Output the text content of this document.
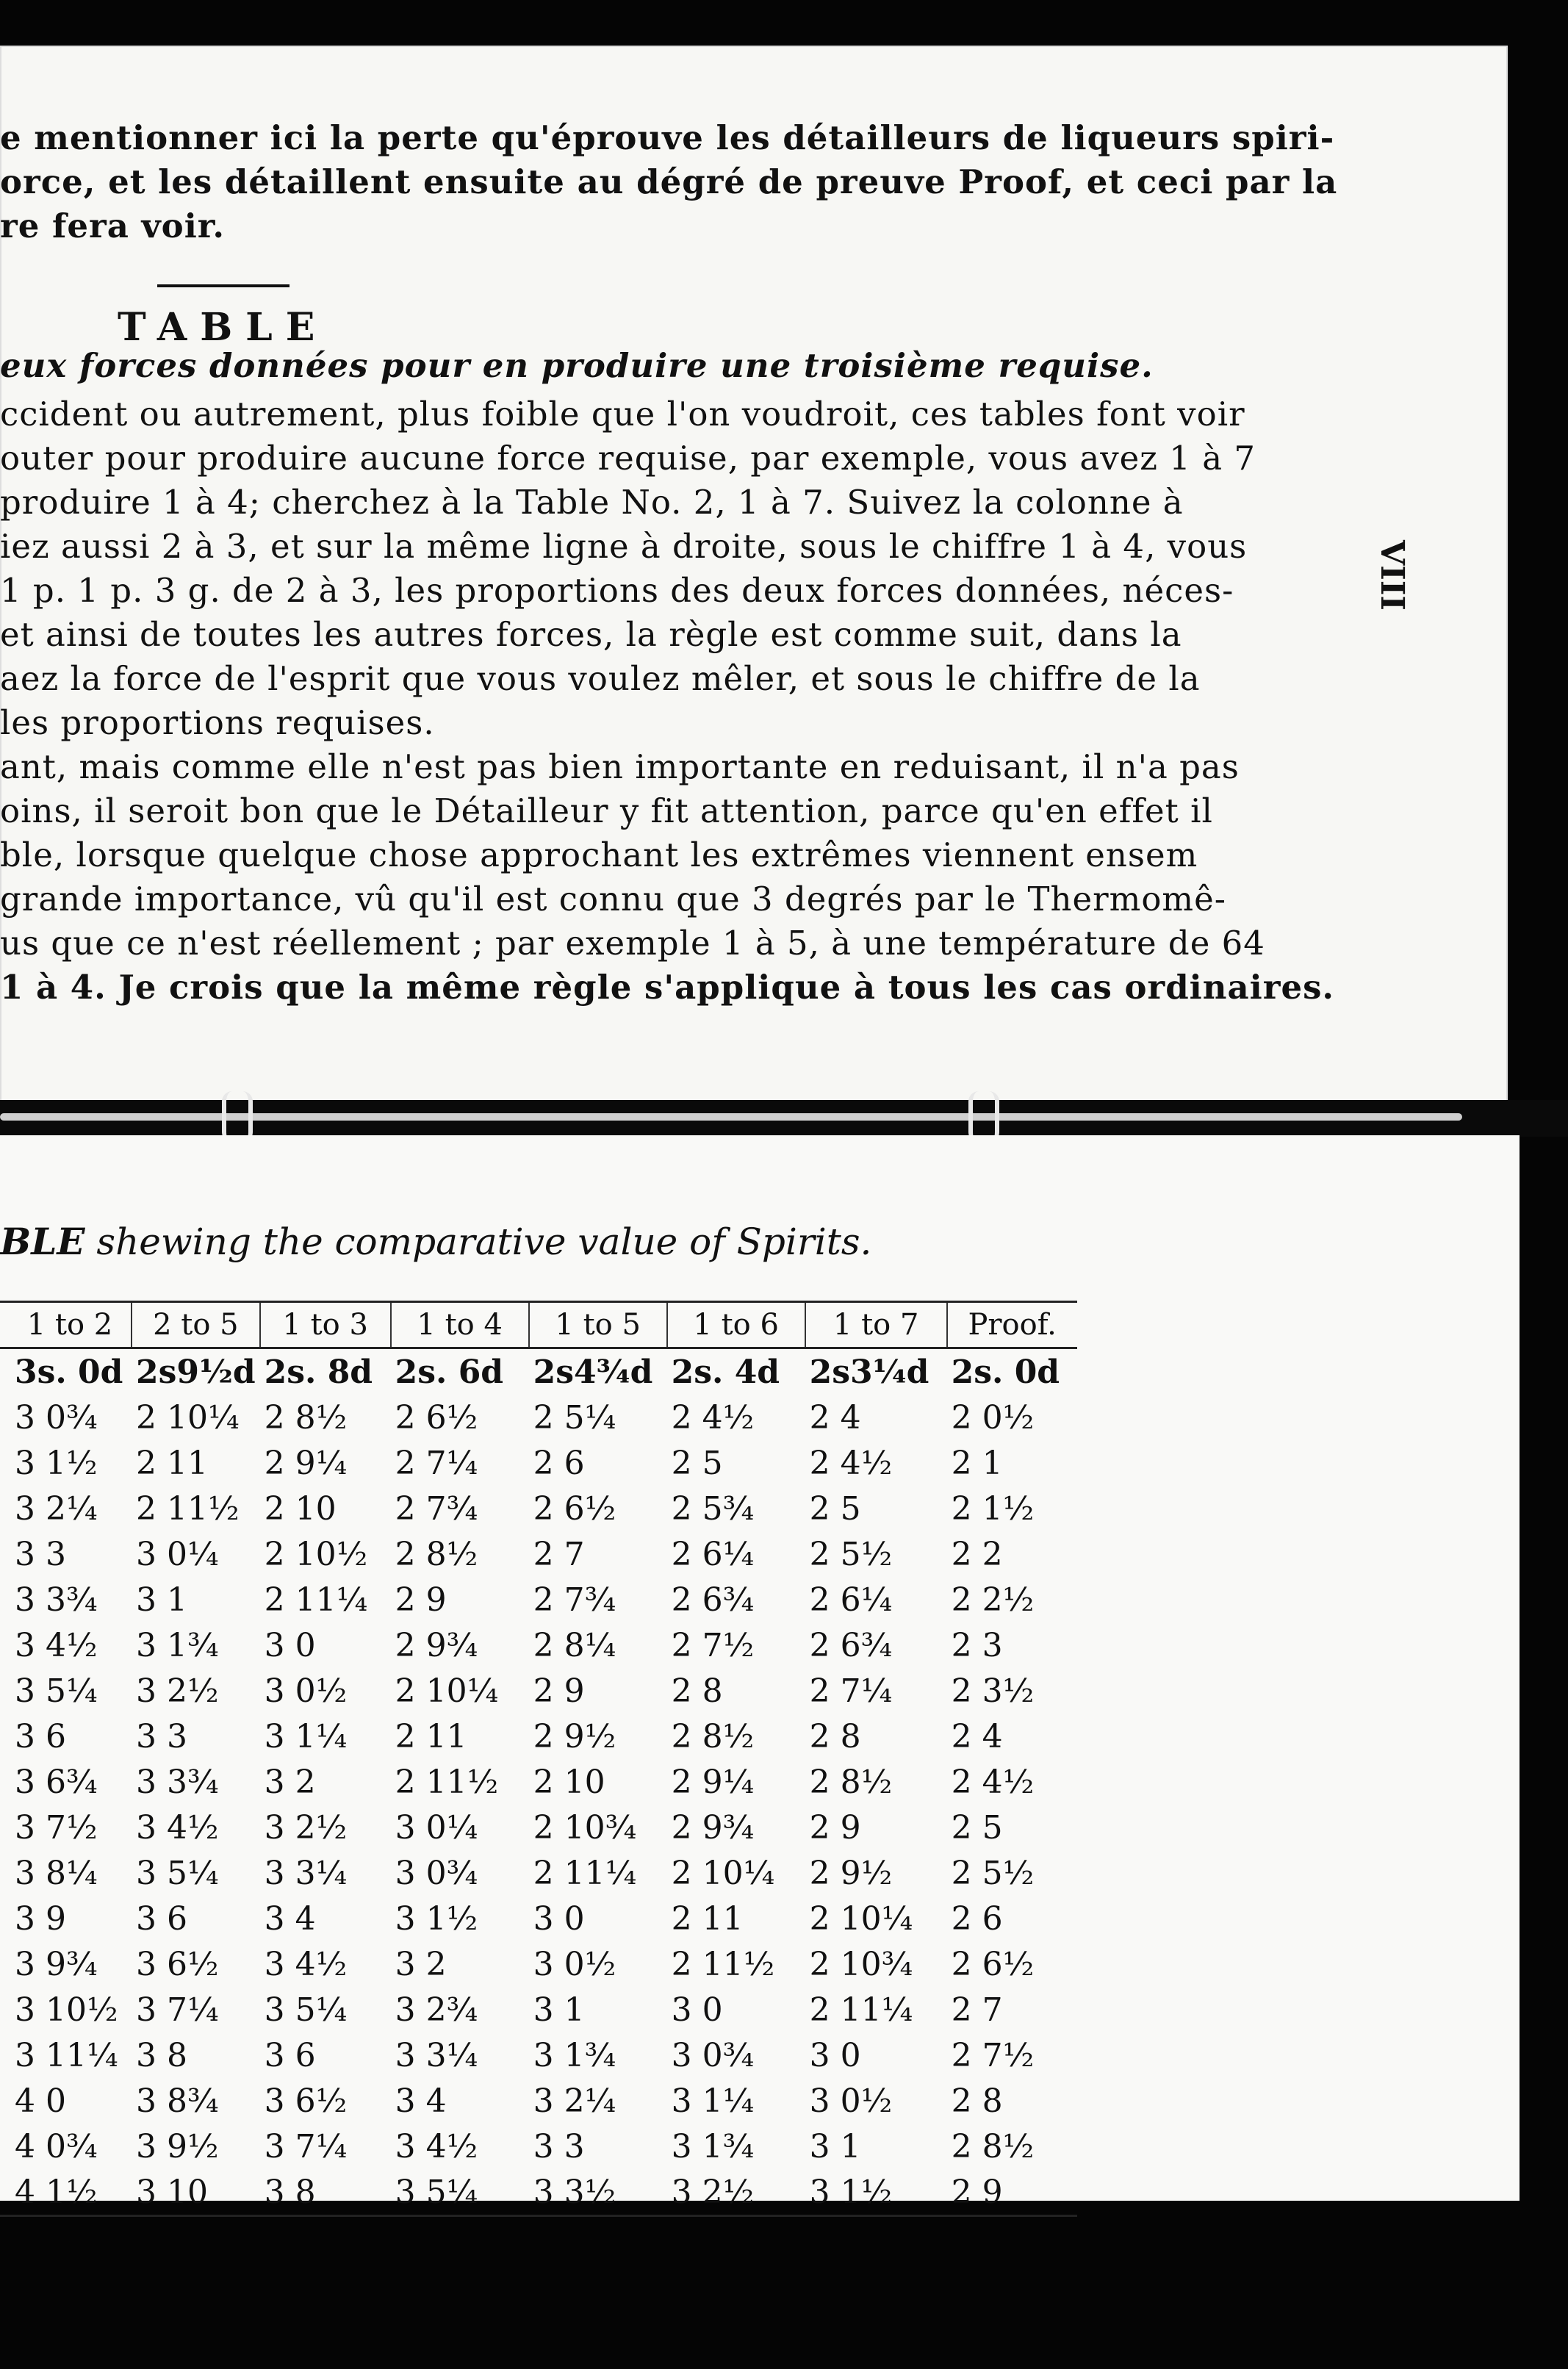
e mentionner ici la perte qu'éprouve les détailleurs de liqueurs spiri-
orce, et les détaillent ensuite au dégré de preuve Proof, et ceci par la
re fera voir.
TABLE
eux forces données pour en produire une troisième requise.
ccident ou autrement, plus foible que l'on voudroit, ces tables font voir
outer pour produire aucune force requise, par exemple, vous avez 1 à 7
produire 1 à 4; cherchez à la Table No. 2, 1 à 7. Suivez la colonne à
iez aussi 2 à 3, et sur la même ligne à droite, sous le chiffre 1 à 4, vous
1 p. 1 p. 3 g. de 2 à 3, les proportions des deux forces données, néces-
et ainsi de toutes les autres forces, la règle est comme suit, dans la
aez la force de l'esprit que vous voulez mêler, et sous le chiffre de la
les proportions requises.
ant, mais comme elle n'est pas bien importante en reduisant, il n'a pas
oins, il seroit bon que le Détailleur y fit attention, parce qu'en effet il
ble, lorsque quelque chose approchant les extrêmes viennent ensem
grande importance, vû qu'il est connu que 3 degrés par le Thermomê-
us que ce n'est réellement ; par exemple 1 à 5, à une température de 64
1 à 4. Je crois que la même règle s'applique à tous les cas ordinaires.
VIII
BLE shewing the comparative value of Spirits.
1 to 2	2 to 5	1 to 3	1 to 4	1 to 5	1 to 6	1 to 7	Proof.
3s. 0d	2s9½d	2s. 8d	2s. 6d	2s4¾d	2s. 4d	2s3¼d	2s. 0d
3 0¾	2 10¼	2 8½	2 6½	2 5¼	2 4½	2 4	2 0½
3 1½	2 11	2 9¼	2 7¼	2 6	2 5	2 4½	2 1
3 2¼	2 11½	2 10	2 7¾	2 6½	2 5¾	2 5	2 1½
3 3	3 0¼	2 10½	2 8½	2 7	2 6¼	2 5½	2 2
3 3¾	3 1	2 11¼	2 9	2 7¾	2 6¾	2 6¼	2 2½
3 4½	3 1¾	3 0	2 9¾	2 8¼	2 7½	2 6¾	2 3
3 5¼	3 2½	3 0½	2 10¼	2 9	2 8	2 7¼	2 3½
3 6	3 3	3 1¼	2 11	2 9½	2 8½	2 8	2 4
3 6¾	3 3¾	3 2	2 11½	2 10	2 9¼	2 8½	2 4½
3 7½	3 4½	3 2½	3 0¼	2 10¾	2 9¾	2 9	2 5
3 8¼	3 5¼	3 3¼	3 0¾	2 11¼	2 10¼	2 9½	2 5½
3 9	3 6	3 4	3 1½	3 0	2 11	2 10¼	2 6
3 9¾	3 6½	3 4½	3 2	3 0½	2 11½	2 10¾	2 6½
3 10½	3 7¼	3 5¼	3 2¾	3 1	3 0	2 11¼	2 7
3 11¼	3 8	3 6	3 3¼	3 1¾	3 0¾	3 0	2 7½
4 0	3 8¾	3 6½	3 4	3 2¼	3 1¼	3 0½	2 8
4 0¾	3 9½	3 7¼	3 4½	3 3	3 1¾	3 1	2 8½
4 1½	3 10	3 8	3 5¼	3 3½	3 2½	3 1½	2 9
